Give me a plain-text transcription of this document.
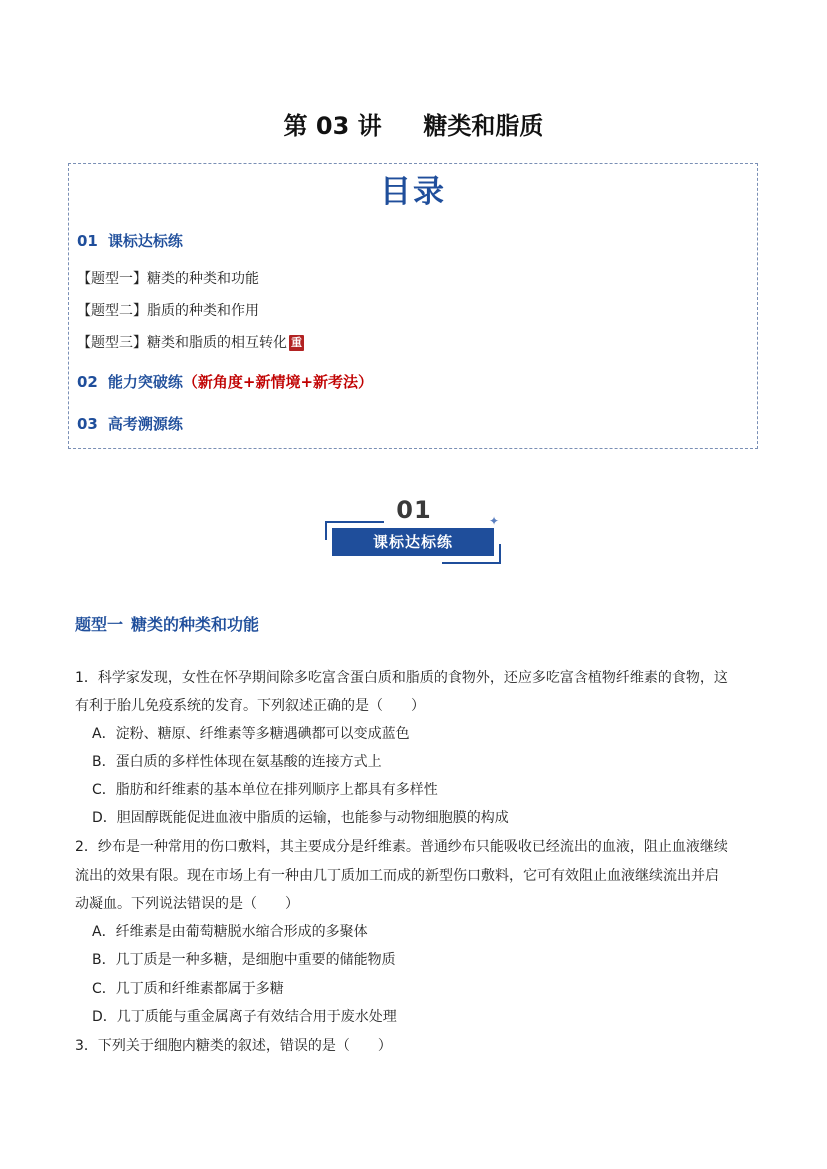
第 03 讲     糖类和脂质
目录
01 课标达标练
【题型一】糖类的种类和功能
【题型二】脂质的种类和作用
【题型三】糖类和脂质的相互转化 重
02 能力突破练（新角度+新情境+新考法）
03 高考溯源练
01
课标达标练
✦
题型一 糖类的种类和功能
1．科学家发现，女性在怀孕期间除多吃富含蛋白质和脂质的食物外，还应多吃富含植物纤维素的食物，这
有利于胎儿免疫系统的发育。下列叙述正确的是（　　）
A．淀粉、糖原、纤维素等多糖遇碘都可以变成蓝色
B．蛋白质的多样性体现在氨基酸的连接方式上
C．脂肪和纤维素的基本单位在排列顺序上都具有多样性
D．胆固醇既能促进血液中脂质的运输，也能参与动物细胞膜的构成
2．纱布是一种常用的伤口敷料，其主要成分是纤维素。普通纱布只能吸收已经流出的血液，阻止血液继续
流出的效果有限。现在市场上有一种由几丁质加工而成的新型伤口敷料，它可有效阻止血液继续流出并启
动凝血。下列说法错误的是（　　）
A．纤维素是由葡萄糖脱水缩合形成的多聚体
B．几丁质是一种多糖，是细胞中重要的储能物质
C．几丁质和纤维素都属于多糖
D．几丁质能与重金属离子有效结合用于废水处理
3．下列关于细胞内糖类的叙述，错误的是（　　）
